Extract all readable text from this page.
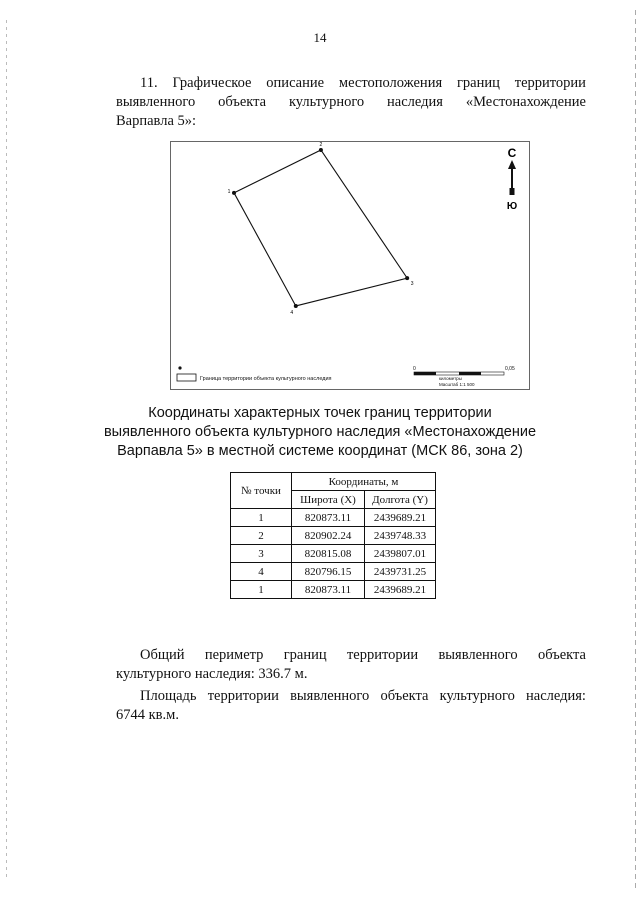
14
11. Графическое описание местоположения границ территории
выявленного объекта культурного наследия «Местонахождение
Варпавла 5»:
1
2
3
4
С
Ю
Граница территории объекта культурного наследия
0	0,05
километры
Масштаб 1:1 500
Координаты характерных точек границ территории
выявленного объекта культурного наследия «Местонахождение
Варпавла 5» в местной системе координат (МСК 86, зона 2)
№ точки	Координаты, м	
	Широта (X)	Долгота (Y)
1	820873.11	2439689.21
2	820902.24	2439748.33
3	820815.08	2439807.01
4	820796.15	2439731.25
1	820873.11	2439689.21
Общий периметр границ территории выявленного объекта
культурного наследия: 336.7 м.
Площадь территории выявленного объекта культурного наследия:
6744 кв.м.
